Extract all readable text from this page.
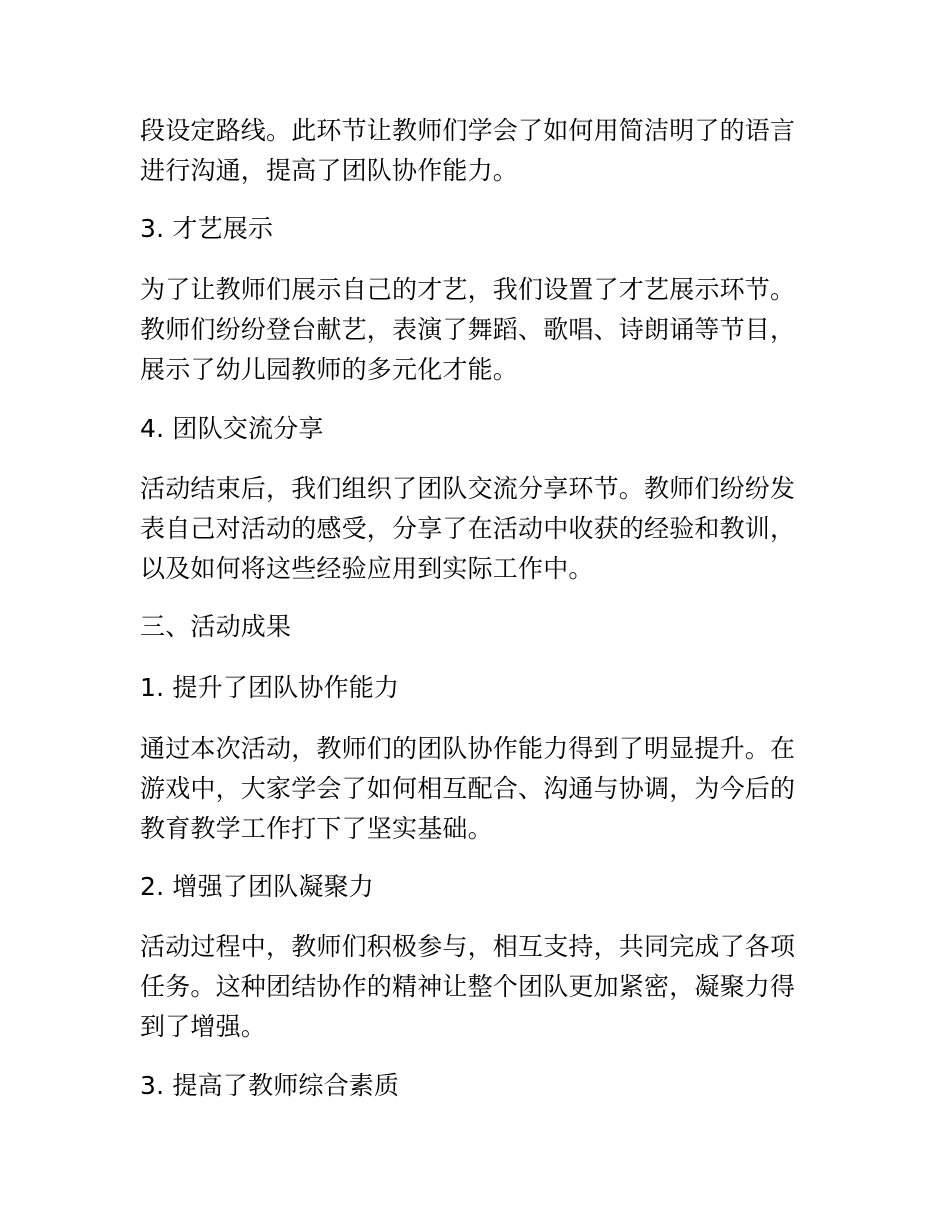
段设定路线。此环节让教师们学会了如何用简洁明了的语言进行沟通，提高了团队协作能力。

3. 才艺展示

为了让教师们展示自己的才艺，我们设置了才艺展示环节。教师们纷纷登台献艺，表演了舞蹈、歌唱、诗朗诵等节目，展示了幼儿园教师的多元化才能。

4. 团队交流分享

活动结束后，我们组织了团队交流分享环节。教师们纷纷发表自己对活动的感受，分享了在活动中收获的经验和教训，以及如何将这些经验应用到实际工作中。

三、活动成果

1. 提升了团队协作能力

通过本次活动，教师们的团队协作能力得到了明显提升。在游戏中，大家学会了如何相互配合、沟通与协调，为今后的教育教学工作打下了坚实基础。

2. 增强了团队凝聚力

活动过程中，教师们积极参与，相互支持，共同完成了各项任务。这种团结协作的精神让整个团队更加紧密，凝聚力得到了增强。

3. 提高了教师综合素质
